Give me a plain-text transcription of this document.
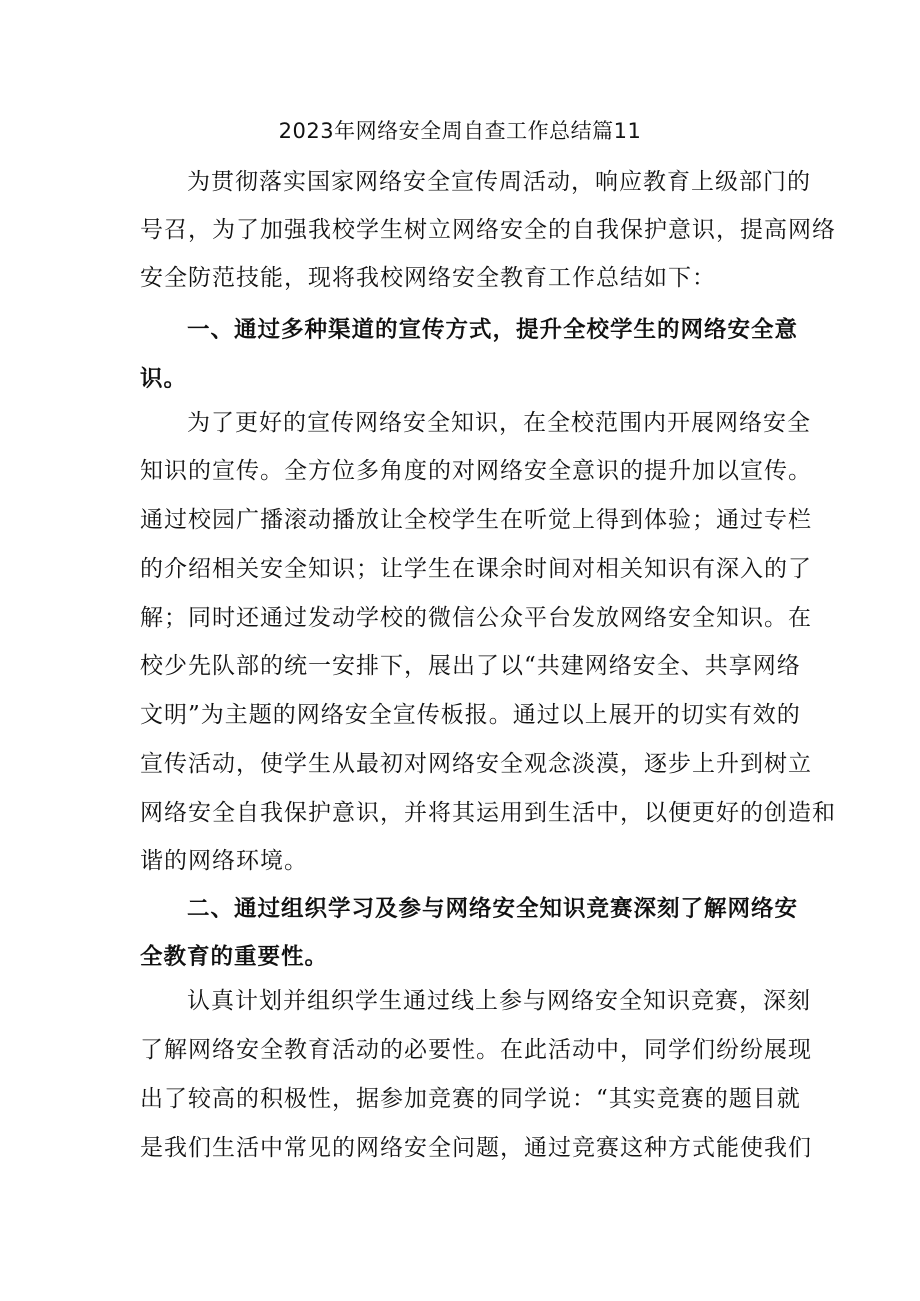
2023年网络安全周自查工作总结篇11
为贯彻落实国家网络安全宣传周活动，响应教育上级部门的
号召，为了加强我校学生树立网络安全的自我保护意识，提高网络
安全防范技能，现将我校网络安全教育工作总结如下：
一、通过多种渠道的宣传方式，提升全校学生的网络安全意
识。
为了更好的宣传网络安全知识，在全校范围内开展网络安全
知识的宣传。全方位多角度的对网络安全意识的提升加以宣传。
通过校园广播滚动播放让全校学生在听觉上得到体验；通过专栏
的介绍相关安全知识；让学生在课余时间对相关知识有深入的了
解；同时还通过发动学校的微信公众平台发放网络安全知识。在
校少先队部的统一安排下，展出了以“共建网络安全、共享网络
文明”为主题的网络安全宣传板报。通过以上展开的切实有效的
宣传活动，使学生从最初对网络安全观念淡漠，逐步上升到树立
网络安全自我保护意识，并将其运用到生活中，以便更好的创造和
谐的网络环境。
二、通过组织学习及参与网络安全知识竞赛深刻了解网络安
全教育的重要性。
认真计划并组织学生通过线上参与网络安全知识竞赛，深刻
了解网络安全教育活动的必要性。在此活动中，同学们纷纷展现
出了较高的积极性，据参加竞赛的同学说：“其实竞赛的题目就
是我们生活中常见的网络安全问题，通过竞赛这种方式能使我们
